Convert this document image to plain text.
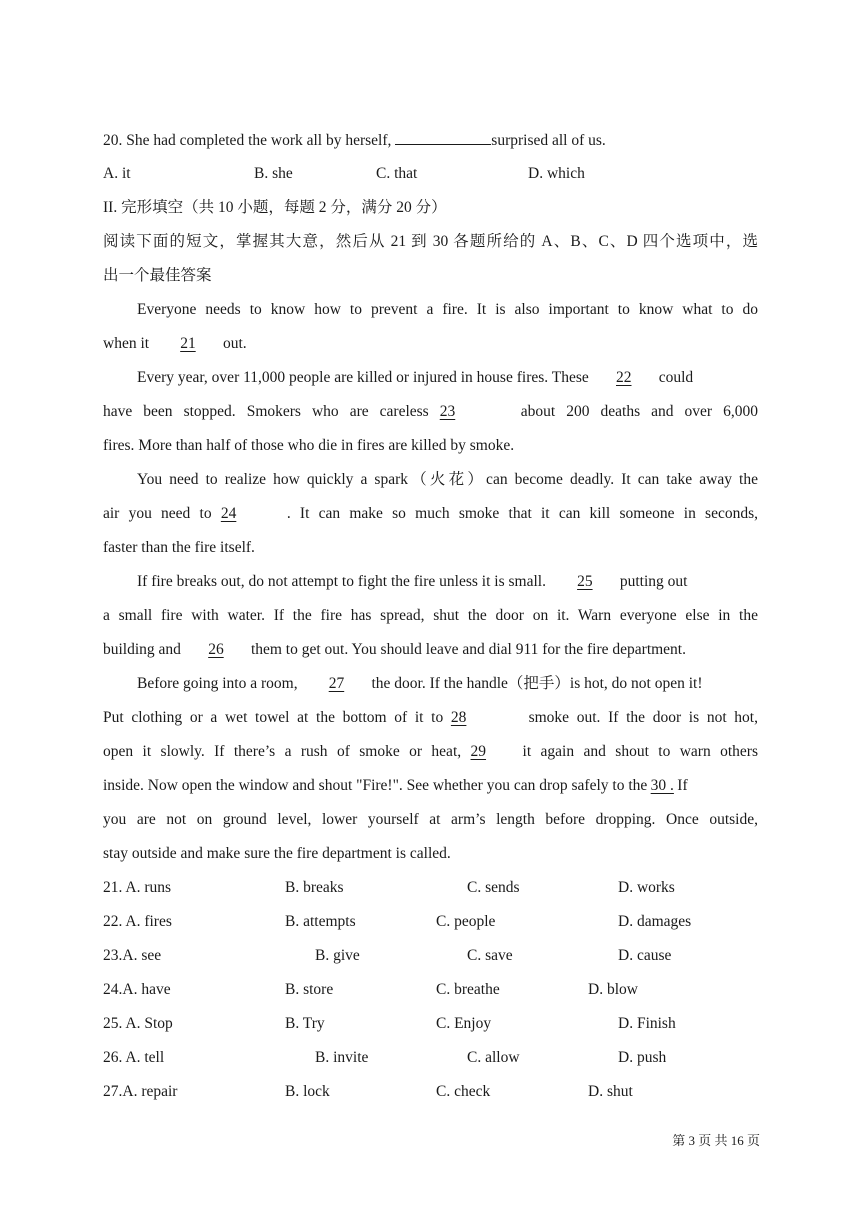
20. She had completed the work all by herself,	surprised all of us.
A. it	B. she	C. that	D. which
II. 完形填空（共 10 小题，每题 2 分，满分 20 分）
阅读下面的短文，掌握其大意，然后从 21 到 30 各题所给的 A、B、C、D 四个选项中，选
出一个最佳答案
Everyone needs to know how to prevent a fire. It is also important to know what to do
when it 21 out.
Every year, over 11,000 people are killed or injured in house fires. These 22 could
have been stopped. Smokers who are careless 23	about 200 deaths and over 6,000
fires. More than half of those who die in fires are killed by smoke.
You need to realize how quickly a spark（火花）can become deadly. It can take away the
air you need to 24	. It can make so much smoke that it can kill someone in seconds,
faster than the fire itself.
If fire breaks out, do not attempt to fight the fire unless it is small. 25 putting out
a small fire with water. If the fire has spread, shut the door on it. Warn everyone else in the
building and 26 them to get out. You should leave and dial 911 for the fire department.
Before going into a room, 27 the door. If the handle（把手）is hot, do not open it!
Put clothing or a wet towel at the bottom of it to 28	smoke out. If the door is not hot,
open it slowly. If there’s a rush of smoke or heat, 29 it again and shout to warn others
inside. Now open the window and shout "Fire!". See whether you can drop safely to the 30 . If
you are not on ground level, lower yourself at arm’s length before dropping. Once outside,
stay outside and make sure the fire department is called.
21. A. runs	B. breaks	C. sends	D. works
22. A. fires	B. attempts	C. people	D. damages
23.A. see	B. give	C. save	D. cause
24.A. have	B. store	C. breathe	D. blow
25. A. Stop	B. Try	C. Enjoy	D. Finish
26. A. tell	B. invite	C. allow	D. push
27.A. repair	B. lock	C. check	D. shut
第 3 页 共 16 页
